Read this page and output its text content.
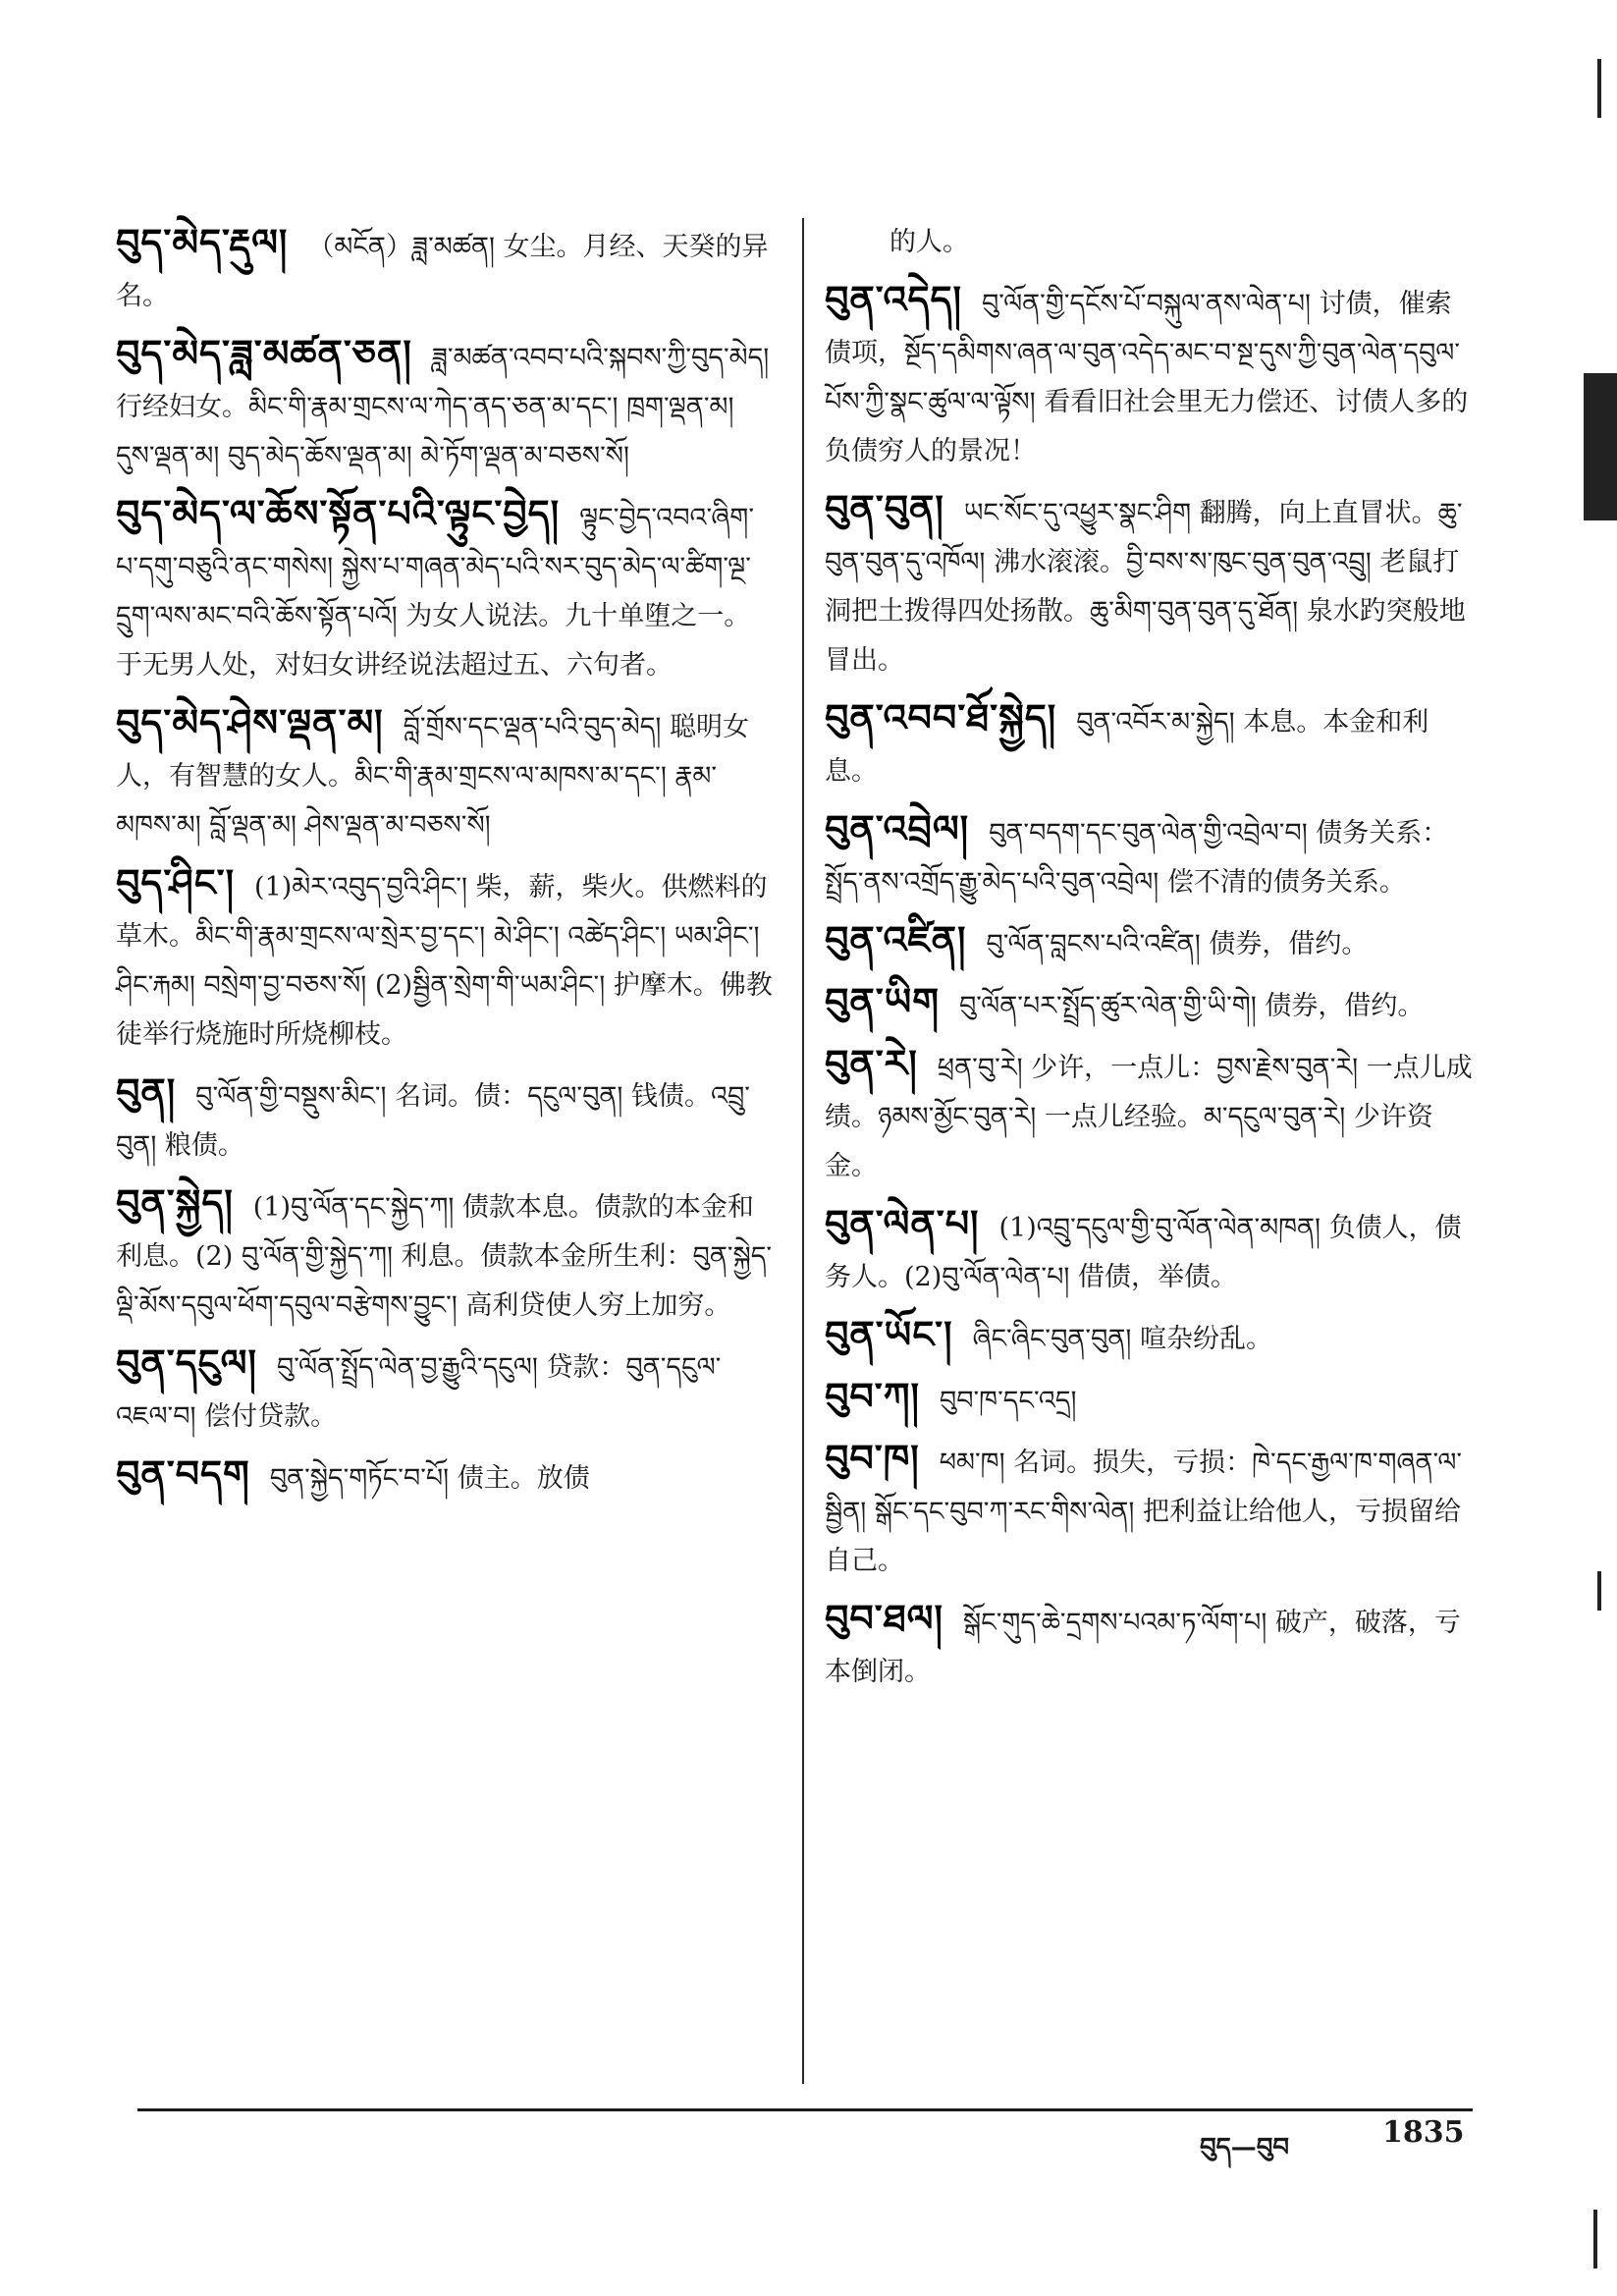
བུད་མེད་རྡུལ། （མངོན）ཟླ་མཚན། 女尘。月经、天癸的异名。

བུད་མེད་ཟླ་མཚན་ཅན། ཟླ་མཚན་འབབ་པའི་སྐབས་ཀྱི་བུད་མེད། 行经妇女。མིང་གི་རྣམ་གྲངས་ལ་ཀེད་ནད་ཅན་མ་དང་། ཁྲག་ལྡན་མ། དུས་ལྡན་མ། བུད་མེད་ཆོས་ལྡན་མ། མེ་ཏོག་ལྡན་མ་བཅས་སོ།

བུད་མེད་ལ་ཆོས་སྟོན་པའི་ལྟུང་བྱེད། ལྟུང་བྱེད་འབའ་ཞིག་པ་དགུ་བཅུའི་ནང་གསེས། སྐྱེས་པ་གཞན་མེད་པའི་སར་བུད་མེད་ལ་ཚིག་ལྔ་དྲུག་ལས་མང་བའི་ཆོས་སྟོན་པའོ། 为女人说法。九十单堕之一。于无男人处，对妇女讲经说法超过五、六句者。

བུད་མེད་ཤེས་ལྡན་མ། བློ་གྲོས་དང་ལྡན་པའི་བུད་མེད། 聪明女人，有智慧的女人。མིང་གི་རྣམ་གྲངས་ལ་མཁས་མ་དང་། རྣམ་མཁས་མ། བློ་ལྡན་མ། ཤེས་ལྡན་མ་བཅས་སོ།

བུད་ཤིང་། (1)མེར་འབུད་བྱའི་ཤིང་། 柴，薪，柴火。供燃料的草木。མིང་གི་རྣམ་གྲངས་ལ་སྲེར་བྱ་དང་། མེ་ཤིང་། འཚེད་ཤིང་། ཡམ་ཤིང་། ཤིང་རྐམ། བསྲེག་བྱ་བཅས་སོ། (2)སྦྱིན་སྲེག་གི་ཡམ་ཤིང་། 护摩木。佛教徒举行烧施时所烧柳枝。

བུན། བུ་ལོན་གྱི་བསྡུས་མིང་། 名词。债：དངུལ་བུན། 钱债。འབྲུ་བུན། 粮债。

བུན་སྐྱེད། (1)བུ་ལོན་དང་སྐྱེད་ཀ། 债款本息。债款的本金和利息。(2) བུ་ལོན་གྱི་སྐྱེད་ཀ། 利息。债款本金所生利：བུན་སྐྱེད་ལྡི་མོས་དབུལ་ཕོག་དབུལ་བརྩེགས་བྱུང་། 高利贷使人穷上加穷。

བུན་དངུལ། བུ་ལོན་སྤྲོད་ལེན་བྱ་རྒྱུའི་དངུལ། 贷款：བུན་དངུལ་འཇལ་བ། 偿付贷款。

བུན་བདག བུན་སྐྱེད་གཏོང་བ་པོ། 债主。放债

的人。

བུན་འདེད། བུ་ལོན་གྱི་དངོས་པོ་བསྐུལ་ནས་ལེན་པ། 讨债，催索债项，སྔོད་དམིགས་ཞན་ལ་བུན་འདེད་མང་བ་སྔ་དུས་ཀྱི་བུན་ལེན་དབུལ་པོས་ཀྱི་སྣང་ཚུལ་ལ་ལྟོས། 看看旧社会里无力偿还、讨债人多的负债穷人的景况！

བུན་བུན། ཡང་སོང་དུ་འཕྱུར་སྣང་ཤིག 翻腾，向上直冒状。ཆུ་བུན་བུན་དུ་འཁོལ། 沸水滚滚。བྱི་བས་ས་ཁུང་བུན་བུན་འབྲུ། 老鼠打洞把土拨得四处扬散。ཆུ་མིག་བུན་བུན་དུ་ཐོན། 泉水趵突般地冒出。

བུན་འབབ་ཐོ་སྐྱེད། བུན་འབོར་མ་སྐྱེད། 本息。本金和利息。

བུན་འབྲེལ། བུན་བདག་དང་བུན་ལེན་གྱི་འབྲེལ་བ། 债务关系：སྤྲོད་ནས་འགྲོད་རྒྱུ་མེད་པའི་བུན་འབྲེལ། 偿不清的债务关系。

བུན་འཛིན། བུ་ལོན་བླངས་པའི་འཛིན། 债券，借约。

བུན་ཡིག བུ་ལོན་པར་སྤྲོད་ཚུར་ལེན་གྱི་ཡི་གེ། 债券，借约。

བུན་རེ། ཕྲན་བུ་རེ། 少许，一点儿：བྱས་རྗེས་བུན་རེ། 一点儿成绩。ཉམས་མྱོང་བུན་རེ། 一点儿经验。མ་དངུལ་བུན་རེ། 少许资金。

བུན་ལེན་པ། (1)འབྲུ་དངུལ་གྱི་བུ་ལོན་ལེན་མཁན། 负债人，债务人。(2)བུ་ལོན་ལེན་པ། 借债，举债。

བུན་ཡོང་། ཞིང་ཞིང་བུན་བུན། 喧杂纷乱。

བུབ་ཀ། བུབ་ཁ་དང་འདྲ།

བུབ་ཁ། ཕམ་ཁ། 名词。损失，亏损：ཁེ་དང་རྒྱལ་ཁ་གཞན་ལ་སྦྱིན། སྒོང་དང་བུབ་ཀ་རང་གིས་ལེན། 把利益让给他人，亏损留给自己。

བུབ་ཐལ། སྒོང་གུད་ཆེ་དྲགས་པའམ་ཏ་ལོག་པ། 破产，破落，亏本倒闭。

བུད—བུབ	1835
